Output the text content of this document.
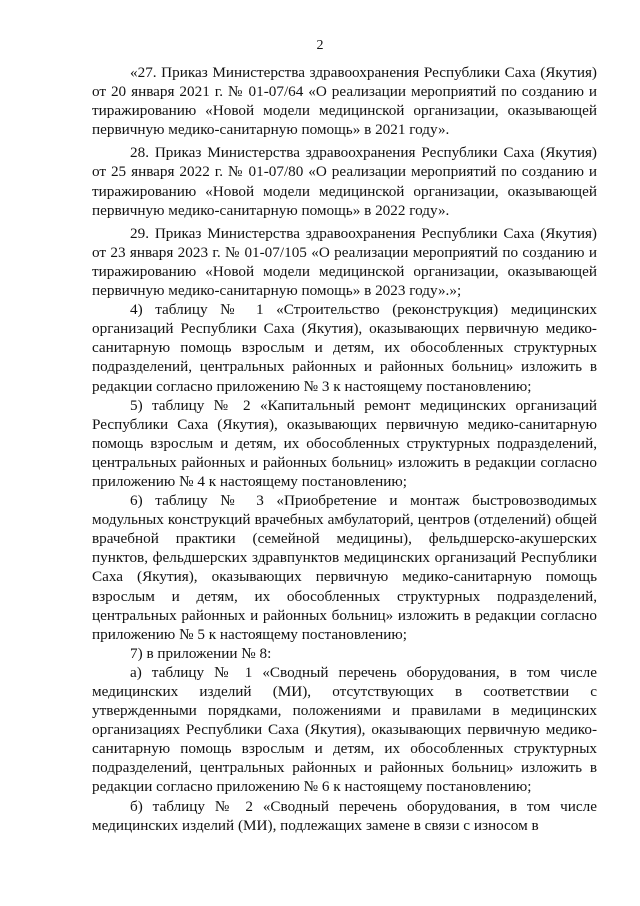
2

«27. Приказ Министерства здравоохранения Республики Саха (Якутия) от 20 января 2021 г. № 01-07/64 «О реализации мероприятий по созданию и тиражированию «Новой модели медицинской организации, оказывающей первичную медико-санитарную помощь» в 2021 году».

28. Приказ Министерства здравоохранения Республики Саха (Якутия) от 25 января 2022 г. № 01-07/80 «О реализации мероприятий по созданию и тиражированию «Новой модели медицинской организации, оказывающей первичную медико-санитарную помощь» в 2022 году».

29. Приказ Министерства здравоохранения Республики Саха (Якутия) от 23 января 2023 г. № 01-07/105 «О реализации мероприятий по созданию и тиражированию «Новой модели медицинской организации, оказывающей первичную медико-санитарную помощь» в 2023 году».»;

4) таблицу № 1 «Строительство (реконструкция) медицинских организаций Республики Саха (Якутия), оказывающих первичную медико-санитарную помощь взрослым и детям, их обособленных структурных подразделений, центральных районных и районных больниц» изложить в редакции согласно приложению № 3 к настоящему постановлению;

5) таблицу № 2 «Капитальный ремонт медицинских организаций Республики Саха (Якутия), оказывающих первичную медико-санитарную помощь взрослым и детям, их обособленных структурных подразделений, центральных районных и районных больниц» изложить в редакции согласно приложению № 4 к настоящему постановлению;

6) таблицу № 3 «Приобретение и монтаж быстровозводимых модульных конструкций врачебных амбулаторий, центров (отделений) общей врачебной практики (семейной медицины), фельдшерско-акушерских пунктов, фельдшерских здравпунктов медицинских организаций Республики Саха (Якутия), оказывающих первичную медико-санитарную помощь взрослым и детям, их обособленных структурных подразделений, центральных районных и районных больниц» изложить в редакции согласно приложению № 5 к настоящему постановлению;

7) в приложении № 8:

а) таблицу № 1 «Сводный перечень оборудования, в том числе медицинских изделий (МИ), отсутствующих в соответствии с утвержденными порядками, положениями и правилами в медицинских организациях Республики Саха (Якутия), оказывающих первичную медико-санитарную помощь взрослым и детям, их обособленных структурных подразделений, центральных районных и районных больниц» изложить в редакции согласно приложению № 6 к настоящему постановлению;

б) таблицу № 2 «Сводный перечень оборудования, в том числе медицинских изделий (МИ), подлежащих замене в связи с износом в
